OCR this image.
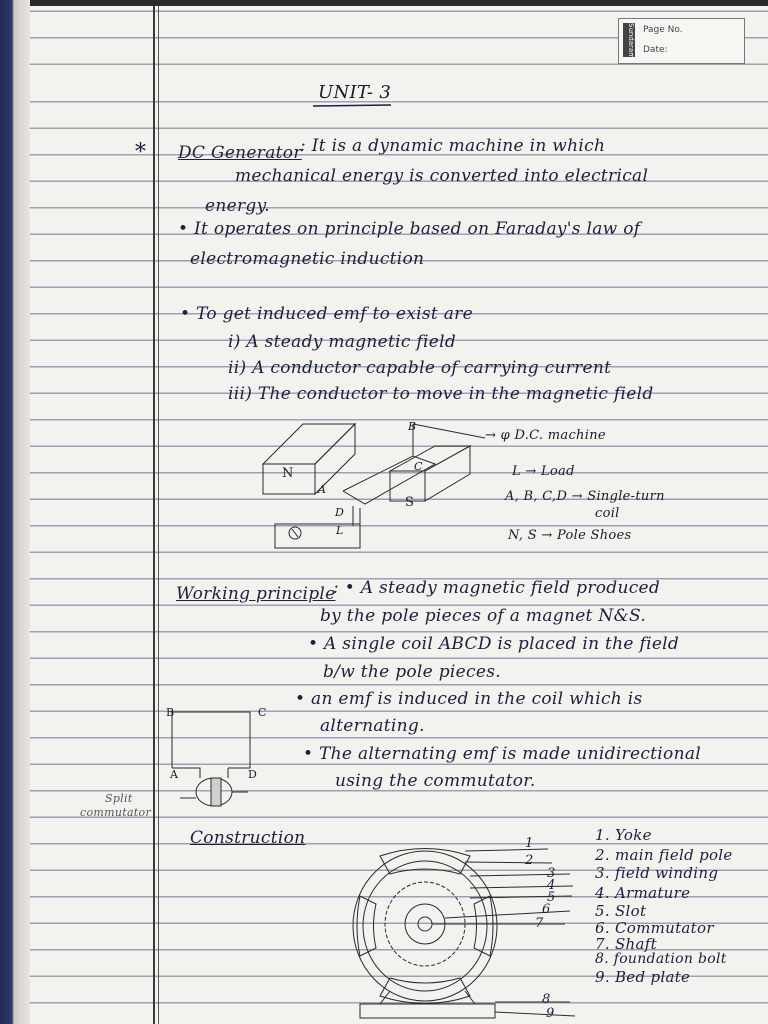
Sundaram Page No.
Date:
UNIT- 3
* DC Generator
: It is a dynamic machine in which
mechanical energy is converted into electrical
energy.
• It operates on principle based on Faraday's law of
electromagnetic induction
• To get induced emf to exist are
i) A steady magnetic field
ii) A conductor capable of carrying current
iii) The conductor to move in the magnetic field
N
S
A
B
C
D
L
→ φ D.C. machine
L → Load
A, B, C,D → Single-turn
coil
N, S → Pole Shoes
Working principle
: • A steady magnetic field produced
by the pole pieces of a magnet N&S.
• A single coil ABCD is placed in the field
b/w the pole pieces.
• an emf is induced in the coil which is
alternating.
• The alternating emf is made unidirectional
using the commutator.
B	C
A	D
Split
commutator
Construction	1
2
3
4
5
6
7
8
9
1. Yoke
2. main field pole
3. field winding
4. Armature
5. Slot
6. Commutator
7. Shaft
8. foundation bolt
9. Bed plate
